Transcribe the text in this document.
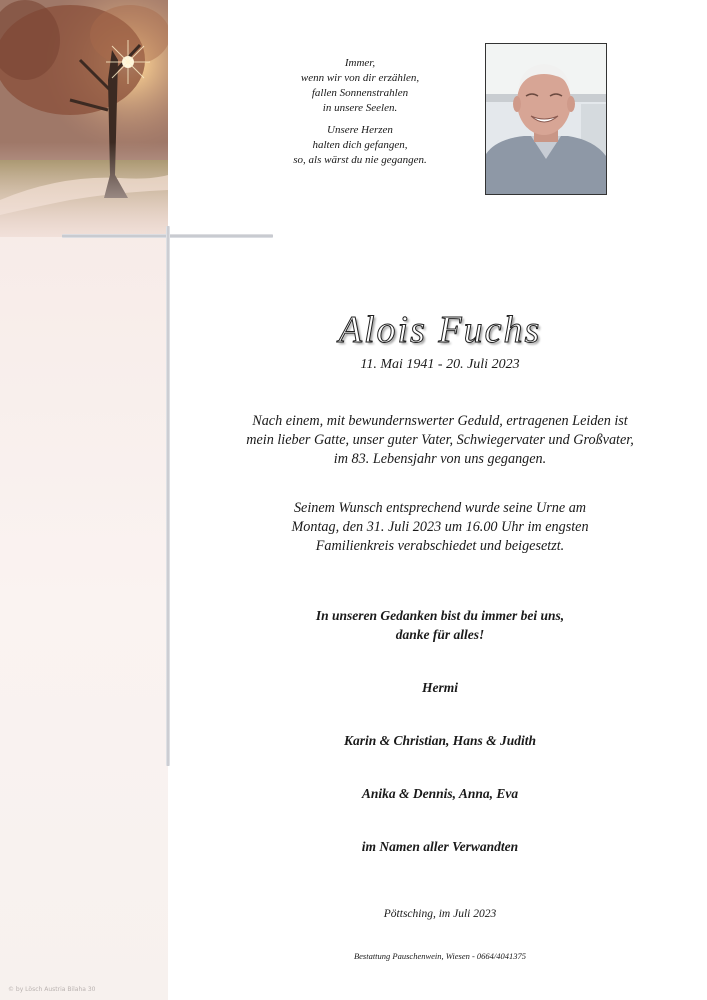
Immer,
wenn wir von dir erzählen,
fallen Sonnenstrahlen
in unsere Seelen.

Unsere Herzen
halten dich gefangen,
so, als wärst du nie gegangen.

Alois Fuchs
11. Mai 1941 - 20. Juli 2023
Nach einem, mit bewundernswerter Geduld, ertragenen Leiden ist
mein lieber Gatte, unser guter Vater, Schwiegervater und Großvater,
im 83. Lebensjahr von uns gegangen.
Seinem Wunsch entsprechend wurde seine Urne am
Montag, den 31. Juli 2023 um 16.00 Uhr im engsten
Familienkreis verabschiedet und beigesetzt.
In unseren Gedanken bist du immer bei uns,
danke für alles!
Hermi
Karin & Christian, Hans & Judith
Anika & Dennis, Anna, Eva
im Namen aller Verwandten
Pöttsching, im Juli 2023
Bestattung Pauschenwein, Wiesen - 0664/4041375
© by Lösch Austria Bilaha 30
